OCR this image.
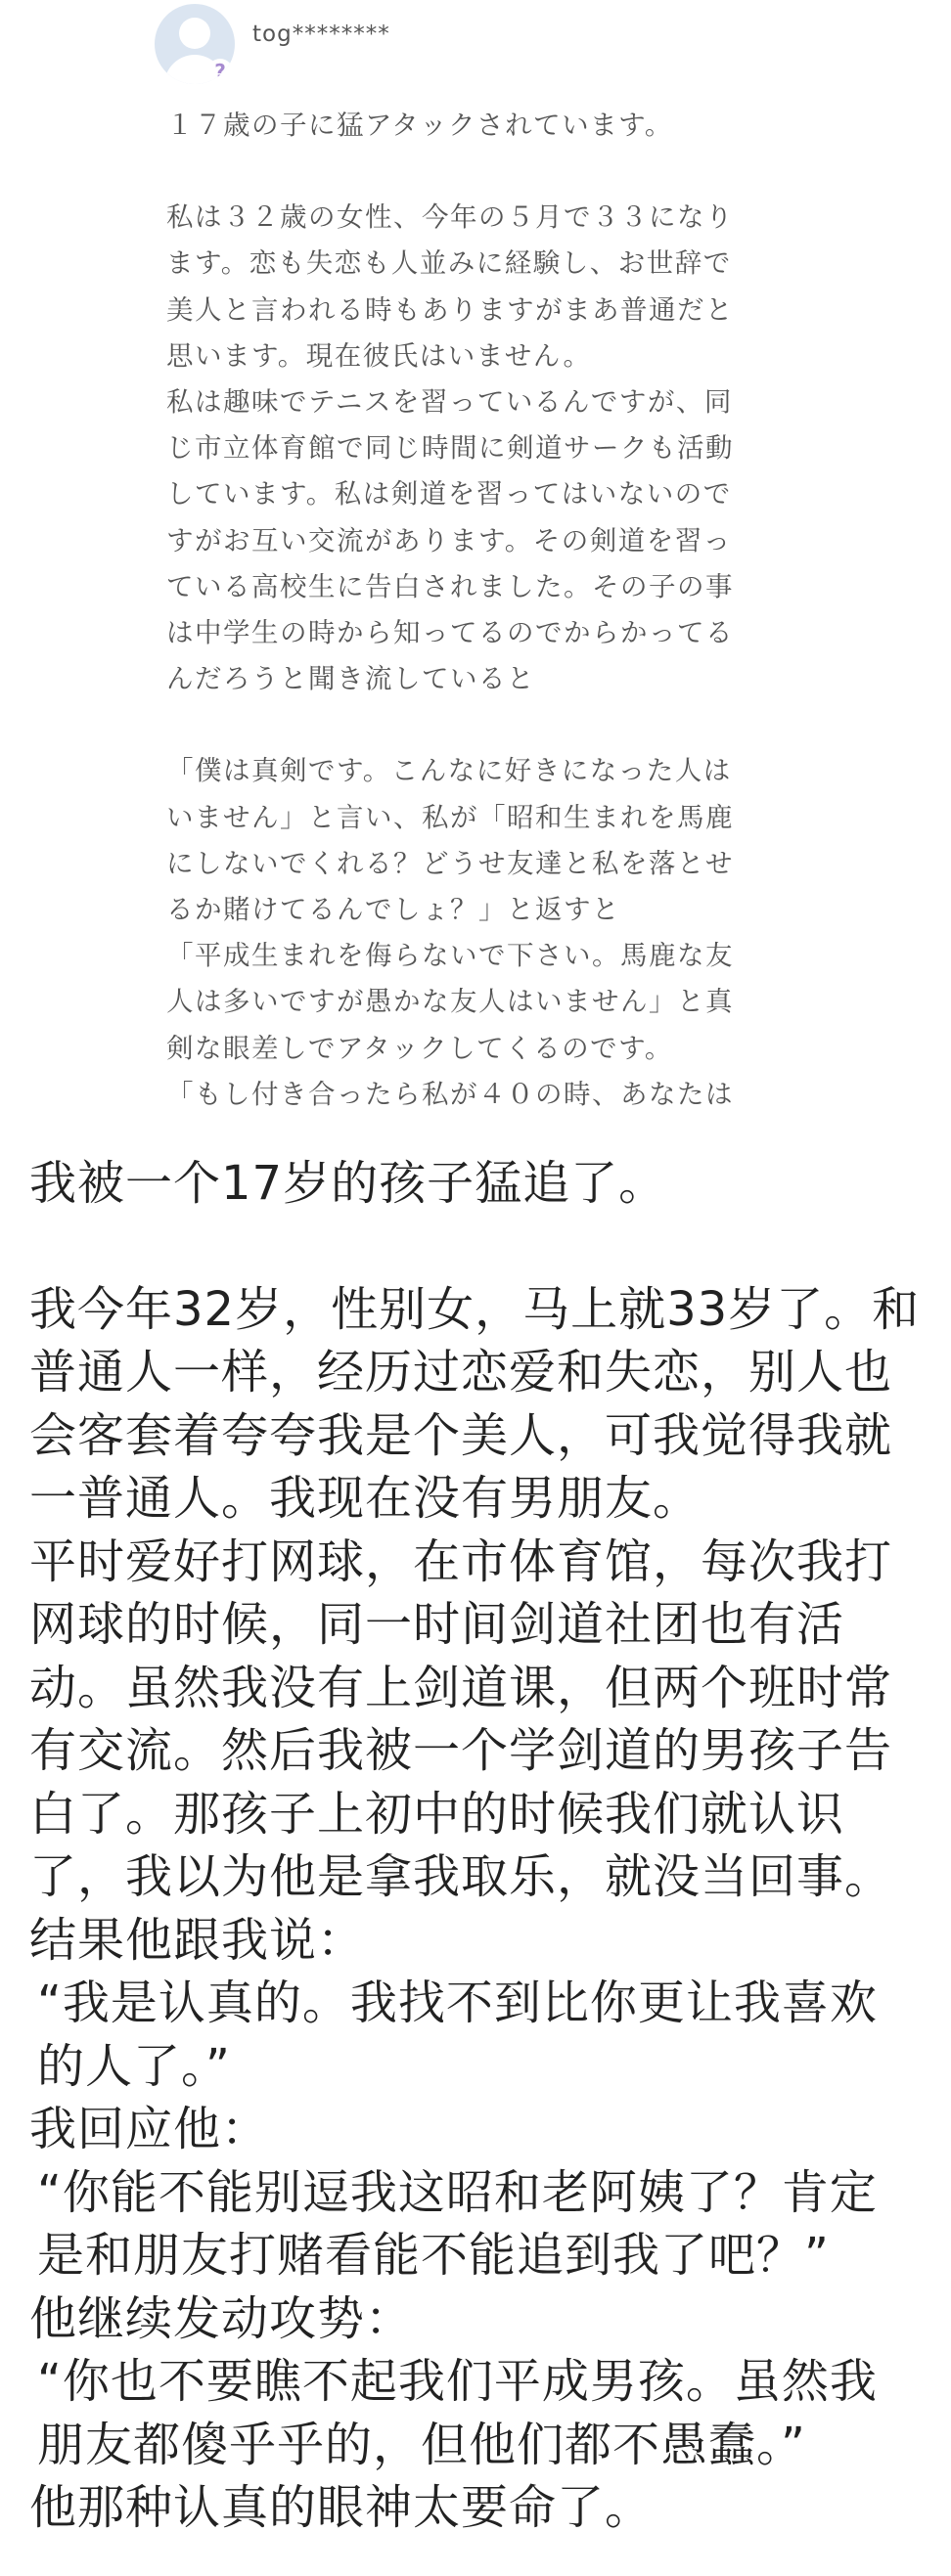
?
tog********

１７歳の子に猛アタックされています。

私は３２歳の女性、今年の５月で３３になり
ます。恋も失恋も人並みに経験し、お世辞で
美人と言われる時もありますがまあ普通だと
思います。現在彼氏はいません。
私は趣味でテニスを習っているんですが、同
じ市立体育館で同じ時間に剣道サークも活動
しています。私は剣道を習ってはいないので
すがお互い交流があります。その剣道を習っ
ている高校生に告白されました。その子の事
は中学生の時から知ってるのでからかってる
んだろうと聞き流していると

「僕は真剣です。こんなに好きになった人は
いません」と言い、私が「昭和生まれを馬鹿
にしないでくれる？どうせ友達と私を落とせ
るか賭けてるんでしょ？」と返すと
「平成生まれを侮らないで下さい。馬鹿な友
人は多いですが愚かな友人はいません」と真
剣な眼差しでアタックしてくるのです。
「もし付き合ったら私が４０の時、あなたは

我被一个17岁的孩子猛追了。

我今年32岁，性别女，马上就33岁了。和
普通人一样，经历过恋爱和失恋，别人也
会客套着夸夸我是个美人，可我觉得我就
一普通人。我现在没有男朋友。
平时爱好打网球，在市体育馆，每次我打
网球的时候，同一时间剑道社团也有活
动。虽然我没有上剑道课，但两个班时常
有交流。然后我被一个学剑道的男孩子告
白了。那孩子上初中的时候我们就认识
了，我以为他是拿我取乐，就没当回事。
结果他跟我说：

“我是认真的。我找不到比你更让我喜欢
的人了。”

我回应他：

“你能不能别逗我这昭和老阿姨了？肯定
是和朋友打赌看能不能追到我了吧？”

他继续发动攻势：

“你也不要瞧不起我们平成男孩。虽然我
朋友都傻乎乎的，但他们都不愚蠢。”

他那种认真的眼神太要命了。
